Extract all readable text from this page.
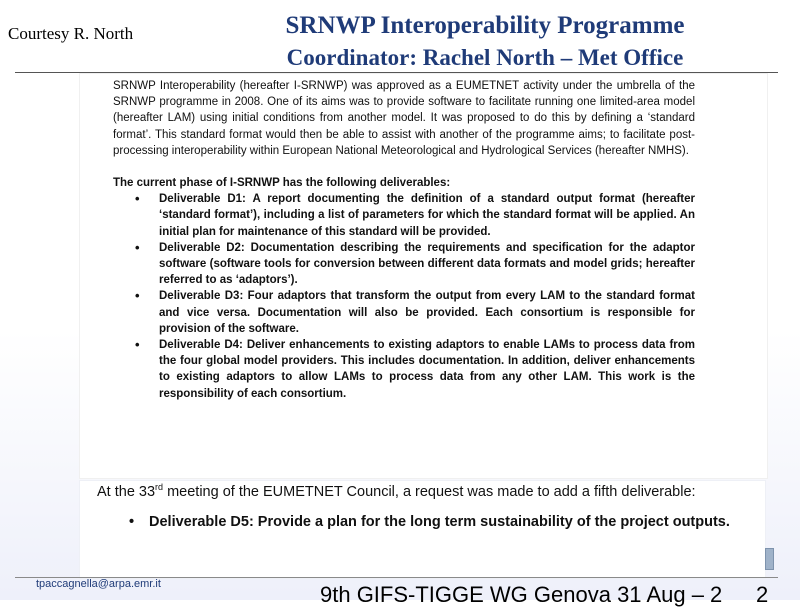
Courtesy R. North	SRNWP Interoperability Programme
Coordinator: Rachel North – Met Office

SRNWP Interoperability (hereafter I-SRNWP) was approved as a EUMETNET activity under the umbrella of the SRNWP programme in 2008. One of its aims was to provide software to facilitate running one limited-area model (hereafter LAM) using initial conditions from another model. It was proposed to do this by defining a ‘standard format’. This standard format would then be able to assist with another of the programme aims; to facilitate post-processing interoperability within European National Meteorological and Hydrological Services (hereafter NMHS).

The current phase of I-SRNWP has the following deliverables:

• Deliverable D1: A report documenting the definition of a standard output format (hereafter ‘standard format’), including a list of parameters for which the standard format will be applied. An initial plan for maintenance of this standard will be provided.
• Deliverable D2: Documentation describing the requirements and specification for the adaptor software (software tools for conversion between different data formats and model grids; hereafter referred to as ‘adaptors’).
• Deliverable D3: Four adaptors that transform the output from every LAM to the standard format and vice versa. Documentation will also be provided. Each consortium is responsible for provision of the software.
• Deliverable D4: Deliver enhancements to existing adaptors to enable LAMs to process data from the four global model providers. This includes documentation. In addition, deliver enhancements to existing adaptors to allow LAMs to process data from any other LAM. This work is the responsibility of each consortium.

At the 33rd meeting of the EUMETNET Council, a request was made to add a fifth deliverable:

• Deliverable D5: Provide a plan for the long term sustainability of the project outputs.
tpaccagnella@arpa.emr.it	9th GIFS-TIGGE WG Genova 31 Aug – 2 2
